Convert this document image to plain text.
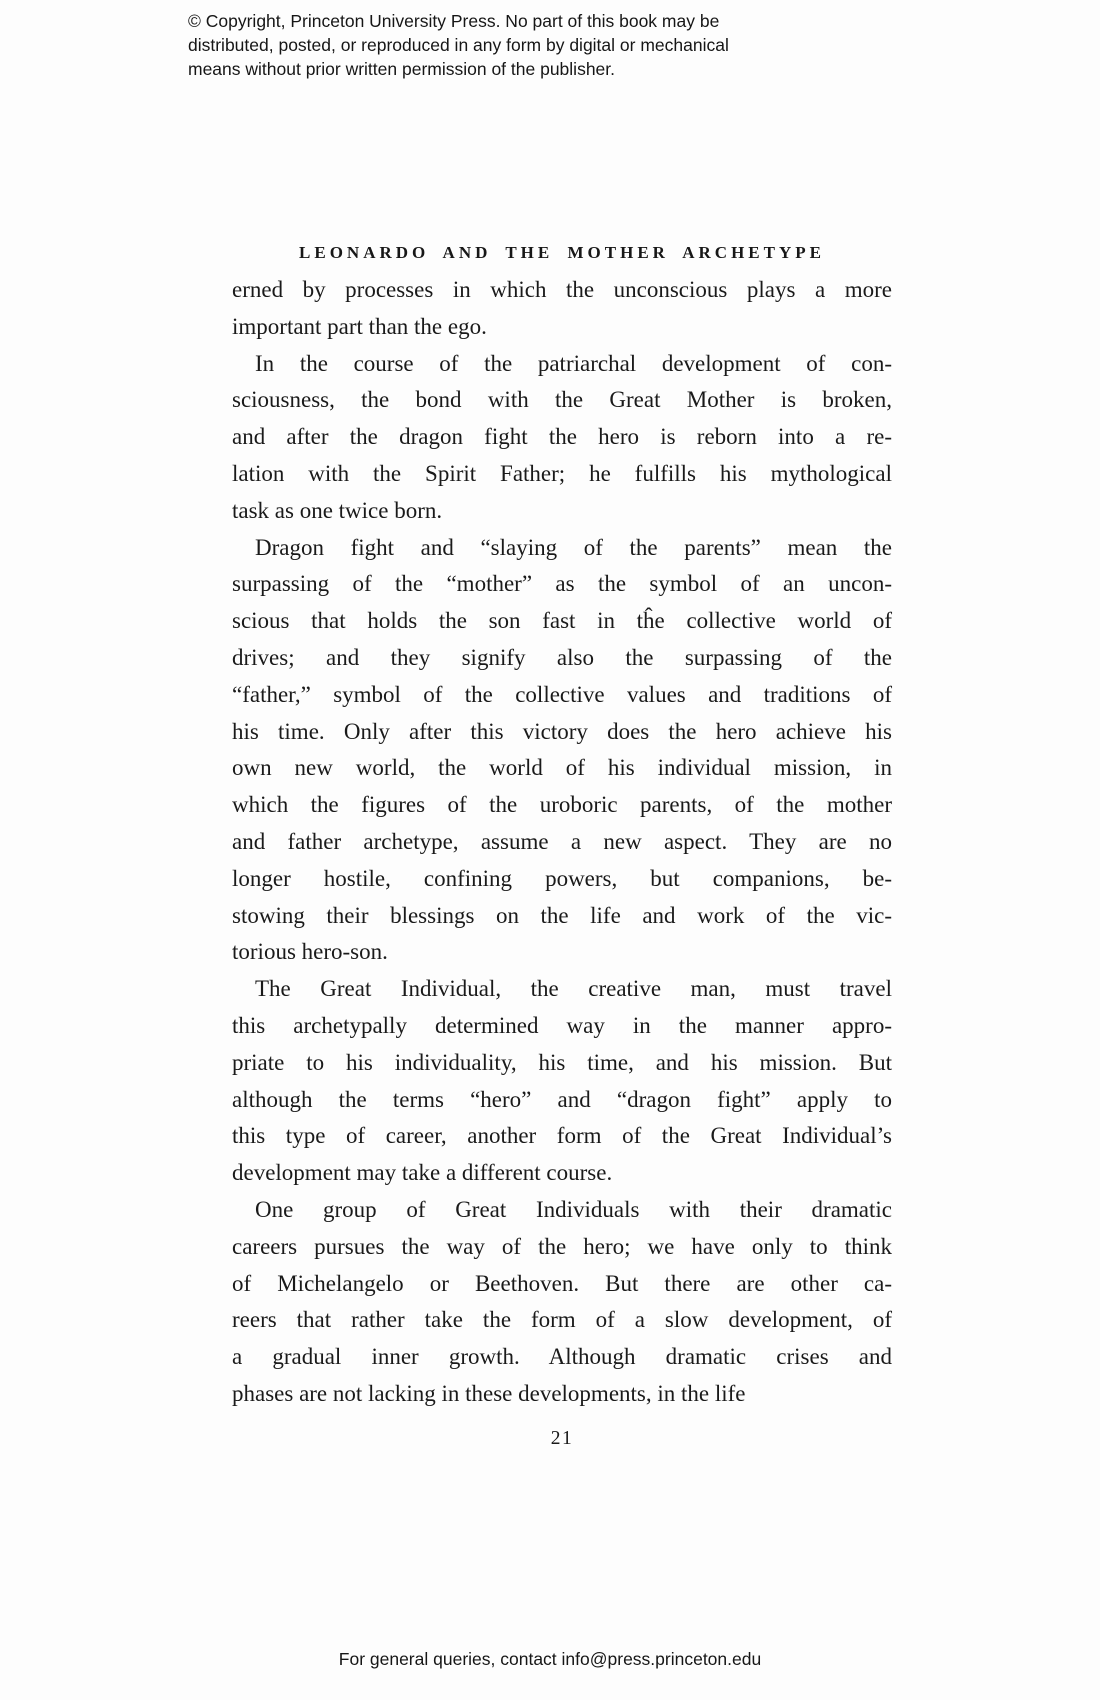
© Copyright, Princeton University Press. No part of this book may be
distributed, posted, or reproduced in any form by digital or mechanical
means without prior written permission of the publisher.
LEONARDO AND THE MOTHER ARCHETYPE
erned by processes in which the unconscious plays a more
important part than the ego.
In the course of the patriarchal development of con-
sciousness, the bond with the Great Mother is broken,
and after the dragon fight the hero is reborn into a re-
lation with the Spirit Father; he fulfills his mythological
task as one twice born.
Dragon fight and “slaying of the parents” mean the
surpassing of the “mother” as the symbol of an uncon-
scious that holds the son fast in tĥe collective world of
drives; and they signify also the surpassing of the
“father,” symbol of the collective values and traditions of
his time. Only after this victory does the hero achieve his
own new world, the world of his individual mission, in
which the figures of the uroboric parents, of the mother
and father archetype, assume a new aspect. They are no
longer hostile, confining powers, but companions, be-
stowing their blessings on the life and work of the vic-
torious hero-son.
The Great Individual, the creative man, must travel
this archetypally determined way in the manner appro-
priate to his individuality, his time, and his mission. But
although the terms “hero” and “dragon fight” apply to
this type of career, another form of the Great Individual’s
development may take a different course.
One group of Great Individuals with their dramatic
careers pursues the way of the hero; we have only to think
of Michelangelo or Beethoven. But there are other ca-
reers that rather take the form of a slow development, of
a gradual inner growth. Although dramatic crises and
phases are not lacking in these developments, in the life
21
For general queries, contact info@press.princeton.edu
